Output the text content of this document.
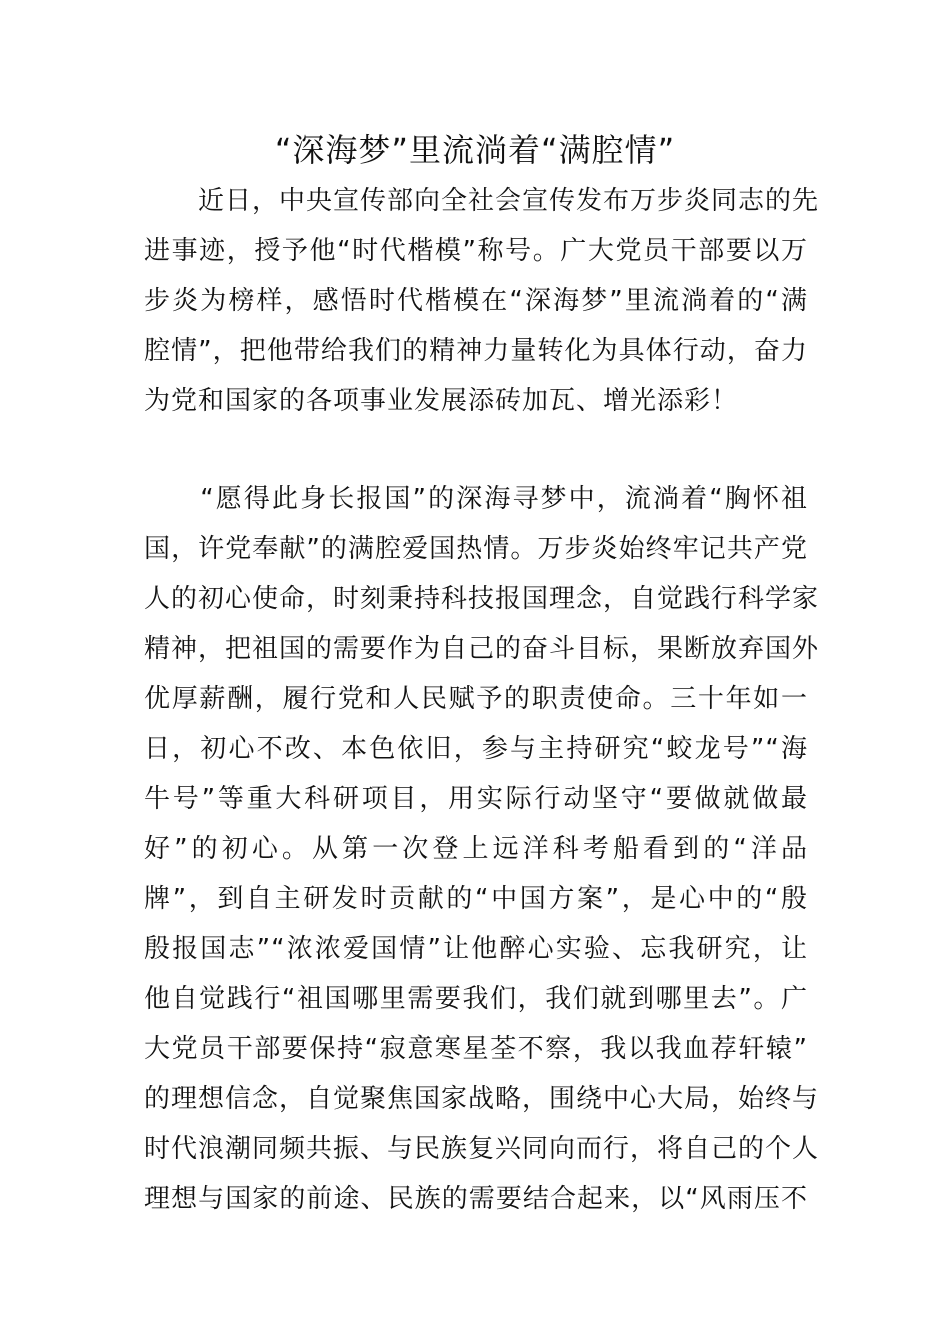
“深海梦”里流淌着“满腔情”
　　近日，中央宣传部向全社会宣传发布万步炎同志的先
进事迹，授予他“时代楷模”称号。广大党员干部要以万
步炎为榜样，感悟时代楷模在“深海梦”里流淌着的“满
腔情”，把他带给我们的精神力量转化为具体行动，奋力
为党和国家的各项事业发展添砖加瓦、增光添彩！
　　“愿得此身长报国”的深海寻梦中，流淌着“胸怀祖
国，许党奉献”的满腔爱国热情。万步炎始终牢记共产党
人的初心使命，时刻秉持科技报国理念，自觉践行科学家
精神，把祖国的需要作为自己的奋斗目标，果断放弃国外
优厚薪酬，履行党和人民赋予的职责使命。三十年如一
日，初心不改、本色依旧，参与主持研究“蛟龙号”“海
牛号”等重大科研项目，用实际行动坚守“要做就做最
好”的初心。从第一次登上远洋科考船看到的“洋品
牌”，到自主研发时贡献的“中国方案”，是心中的“殷
殷报国志”“浓浓爱国情”让他醉心实验、忘我研究，让
他自觉践行“祖国哪里需要我们，我们就到哪里去”。广
大党员干部要保持“寂意寒星荃不察，我以我血荐轩辕”
的理想信念，自觉聚焦国家战略，围绕中心大局，始终与
时代浪潮同频共振、与民族复兴同向而行，将自己的个人
理想与国家的前途、民族的需要结合起来，以“风雨压不
